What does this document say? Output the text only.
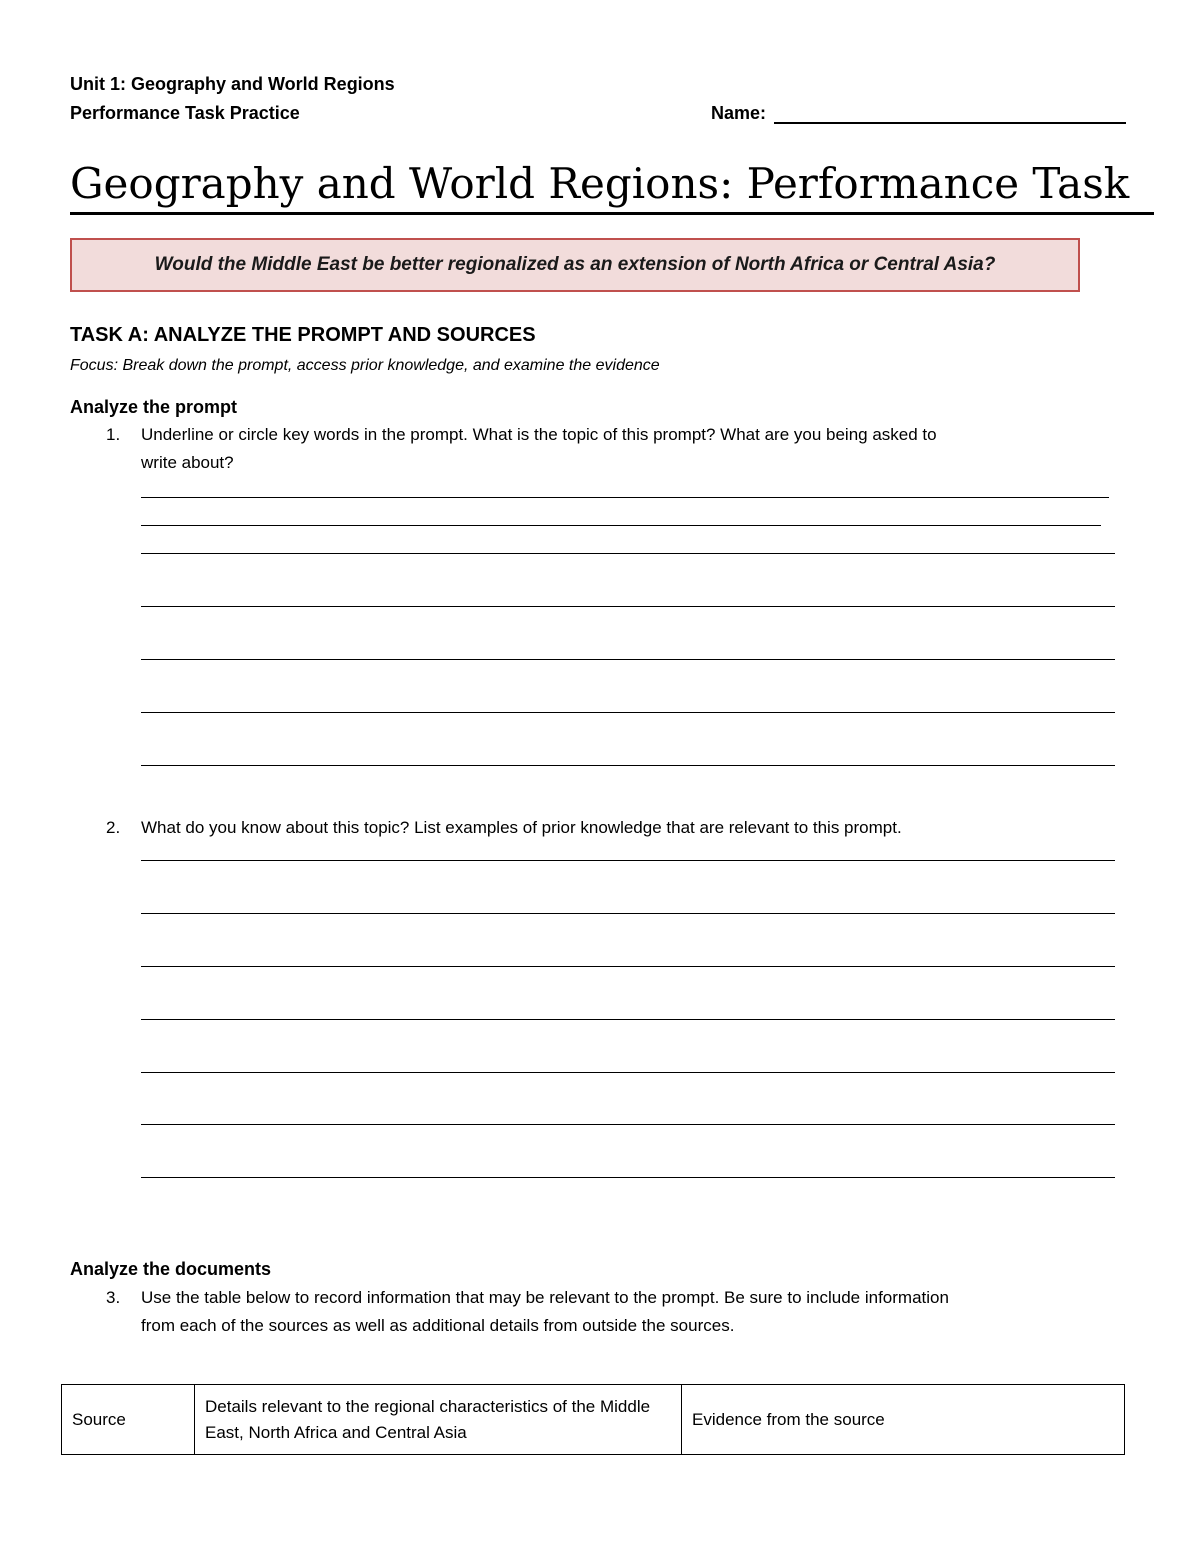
Unit 1: Geography and World Regions
Performance Task Practice	Name:
Geography and World Regions: Performance Task
Would the Middle East be better regionalized as an extension of North Africa or Central Asia?
TASK A: ANALYZE THE PROMPT AND SOURCES
Focus: Break down the prompt, access prior knowledge, and examine the evidence
Analyze the prompt
1. Underline or circle key words in the prompt. What is the topic of this prompt? What are you being asked to
write about?
2. What do you know about this topic? List examples of prior knowledge that are relevant to this prompt.
Analyze the documents
3. Use the table below to record information that may be relevant to the prompt. Be sure to include information
from each of the sources as well as additional details from outside the sources.
Source	Details relevant to the regional characteristics of the Middle East, North Africa and Central Asia	Evidence from the source
